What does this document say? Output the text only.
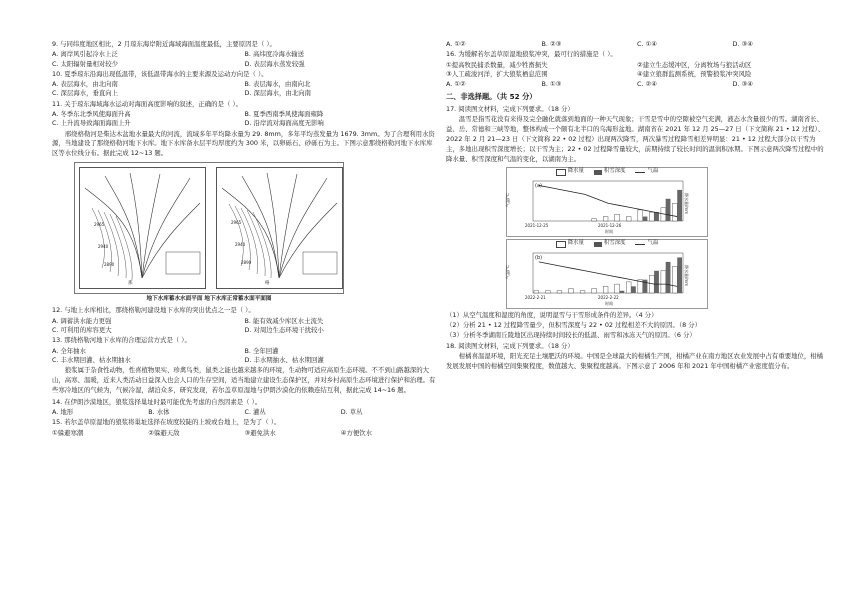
9. 与同纬度地区相比，2 月琼东海岸附近海域海面温度最低，主要原因是（ ）。
A. 离岸风引起冷水上泛	B. 高纬度冷海水输送
C. 太阳辐射量相对较少	D. 表层海水蒸发较强
10. 夏季琼东沿海出现低温带，该低温带海水的主要来源及运动方向是（ ）。
A. 表层海水，由北向南	B. 表层海水，由南向北
C. 深层海水，垂直向上	D. 深层海水，由北向南
11. 关于琼东海域海水运动对海面高度影响的叙述，正确的是（ ）。
A. 冬季东北季风使海面升高	B. 夏季西南季风使海面雍降
C. 上升流导致海面海面上升	D. 沿岸流对海面高度无影响
邢绕格勒河是柴达木盆地水量最大的河流，流域多年平均降水量为 29. 8mm，多年平均蒸发量为 1679. 3mm。为了合理利用水资源，当地建设了那绕格勒河地下水库。地下水库备水层平均厚度约为 300 米，以卵砾石、砂砾石为主。下图示意那绕格勒河地下水库库区等水位线分布。据此完成 12~13 题。
2965
2940
2890
那
2965
2940
2890
格
地下水库蓄水水面平面 地下水库正常蓄水面平面图
12. 与地上水库相比，那绕格勒河建设地下水库的突出优点之一是（ ）。
A. 调蓄洪水能力更强	B. 能有效减少库区水土流失
C. 可利用的库容更大	D. 对周边生态环境干扰较小
13. 那绕格勒河地下水库的合理运营方式是（ ）。
A. 全年抽水	B. 全年回灌
C. 丰水期回灌、枯水期抽水	D. 丰水期抽水、枯水期回灌
狼浆属于杂食性动物，性喜植物果实、珍禽鸟类，鼠类之能也越来越多的环境，生动物可适应高原生态环境。不不到山路越深的大山，高寒、温暖，近来人类活动日益深入也会人口的生存空间，适当地建立建设生态保护区，并对乡村高原生态环境进行保护和治理。有些寒冷地区的气候为，气候冷湿，湖泊众多，研究发现，若尔盖草原湿地与伊朗沙漠化的依赖连结互利，据此完成 14~16 题。
14. 在伊朗沙漠地区，狼浆选择巢址时最可能优先考虑的自然因素是（ ）。
A. 地形	B. 水体	C. 灌丛	D. 草丛
15. 若尔盖草原湿地的狼浆将巢址选择在坡度较陡的上坡或台地上，是为了（ ）。
①躲避寒潮	②躲避天敌	③避免洪水	④方便饮水
A. ①②	B. ②③	C. ①④	D. ③④
16. 为缓解若尔盖草原湿地狼浆冲突，最可行的措施是（ ）。
①提高牧民捕杀数量，减少牲畜损失	②建立生态缓冲区，分离牧场与狼活动区
③人工疏浚河洋，扩大狼浆栖息范围	④建立狼群监测系统，预警狼浆冲突风险
A. ①②	B. ①③	C. ②④	D. ③④
二、非选择题。（共 52 分）
17. 阅读图文材料，完成下列要求。（18 分）
温雪是指雪花没有来得及完全融化就落到地面的一种天气现象；干雪是雪中的空隙被空气充满，液态水含量很少的雪。湖南省长、益、岳、常德和三峡等地，整体构成一个颇有北半口的乌海形盆地。湖南省在 2021 年 12 月 25—27 日（下文简称 21 • 12 过程）、2022 年 2 月 21—23 日（下文简称 22 • 02 过程）出现两次降雪，两次暴雪过程降雪相差异明显：21 • 12 过程大部分以干雪为主，多地出现积雪深度增长；以干雪为主；22 • 02 过程降雪量较大，前期持续了较长时间的温润积冰期。下图示意两次降雪过程中的降水量、积雪深度和气温的变化，以湖南为主。
降水量	积雪深度	气温
(a)
2021-12-25	2021-12-26
时间
气温/℃	降水量/mm
降水量	积雪深度	气温
(b)
2022-2-21	2022-2-22
时间
气温/℃	降水量/mm
（1）从空气温度和湿度的角度，说明湿雪与干雪形成条件的差异。（4 分）
（2）分析 21 • 12 过程降雪量少，但积雪深度与 22 • 02 过程相差不大的原因。（8 分）
（3）分析冬季湖南丘陵地区出现持续时间较长的低温、雨雪和冰冻天气的原因。（6 分）
18. 阅读图文材料，完成下列要求。（18 分）
柑橘喜温湿环境，阳光充足土壤肥沃的环境。中国是全球最大的柑橘生产国，柑橘产业在南方地区农业发展中占有重要地位，柑橘发展发展中国的柑橘空间集聚程度，数值越大、集聚程度越高。下图示意了 2006 年和 2021 年中国柑橘产业密度值分布。
